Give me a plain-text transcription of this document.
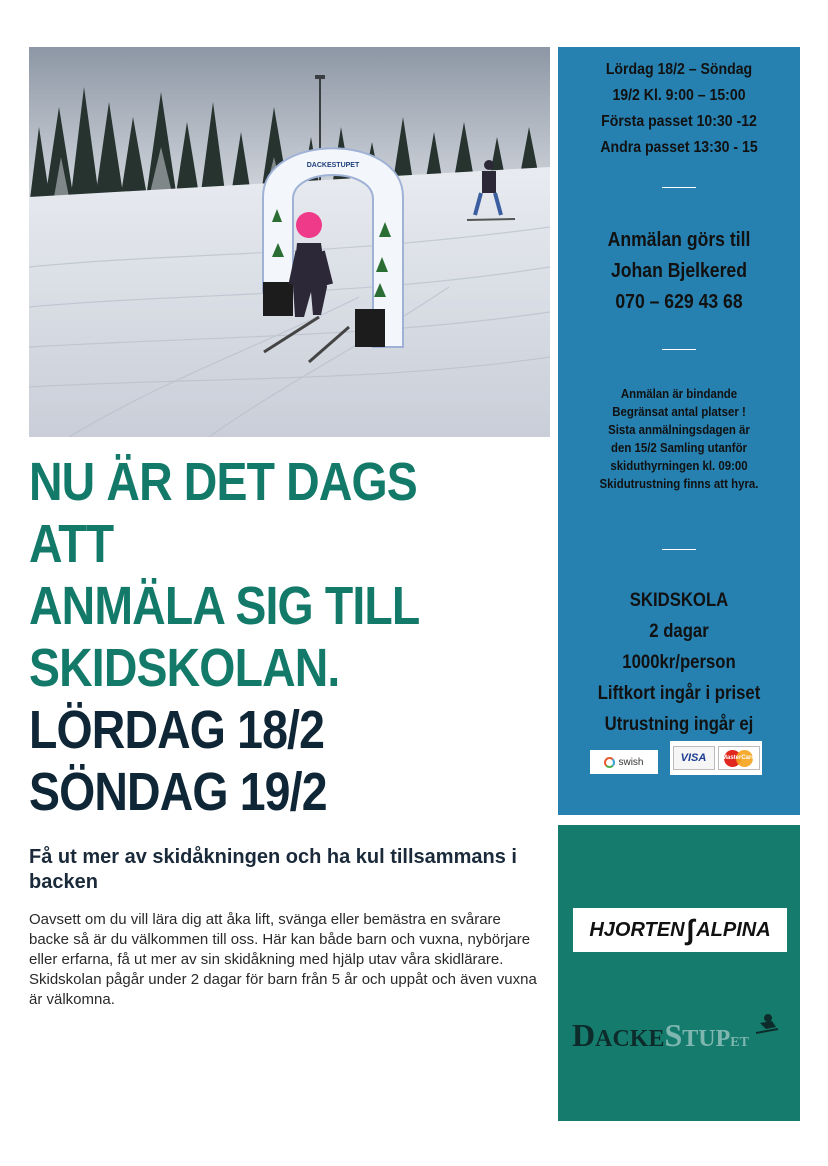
DACKESTUPET
NU ÄR DET DAGS ATT
ANMÄLA SIG TILL
SKIDSKOLAN.
LÖRDAG 18/2
SÖNDAG 19/2
Få ut mer av skidåkningen och ha kul tillsammans i backen

Oavsett om du vill lära dig att åka lift, svänga eller bemästra en svårare backe så är du välkommen till oss. Här kan både barn och vuxna, nybörjare eller erfarna, få ut mer av sin skidåkning med hjälp utav våra skidlärare. Skidskolan pågår under 2 dagar för barn från 5 år och uppåt och även vuxna är välkomna.

Lördag 18/2 – Söndag
19/2 Kl. 9:00 – 15:00
Första passet 10:30 -12
Andra passet 13:30 - 15
Anmälan görs till
Johan Bjelkered
070 – 629 43 68
Anmälan är bindande
Begränsat antal platser !
Sista anmälningsdagen är
den 15/2 Samling utanför
skiduthyrningen kl. 09:00
Skidutrustning finns att hyra.
SKIDSKOLA
2 dagar
1000kr/person
Liftkort ingår i priset
Utrustning ingår ej
swish	VISA	MasterCard
HJORTEN ∫ ALPINA
DACKESTUPET
